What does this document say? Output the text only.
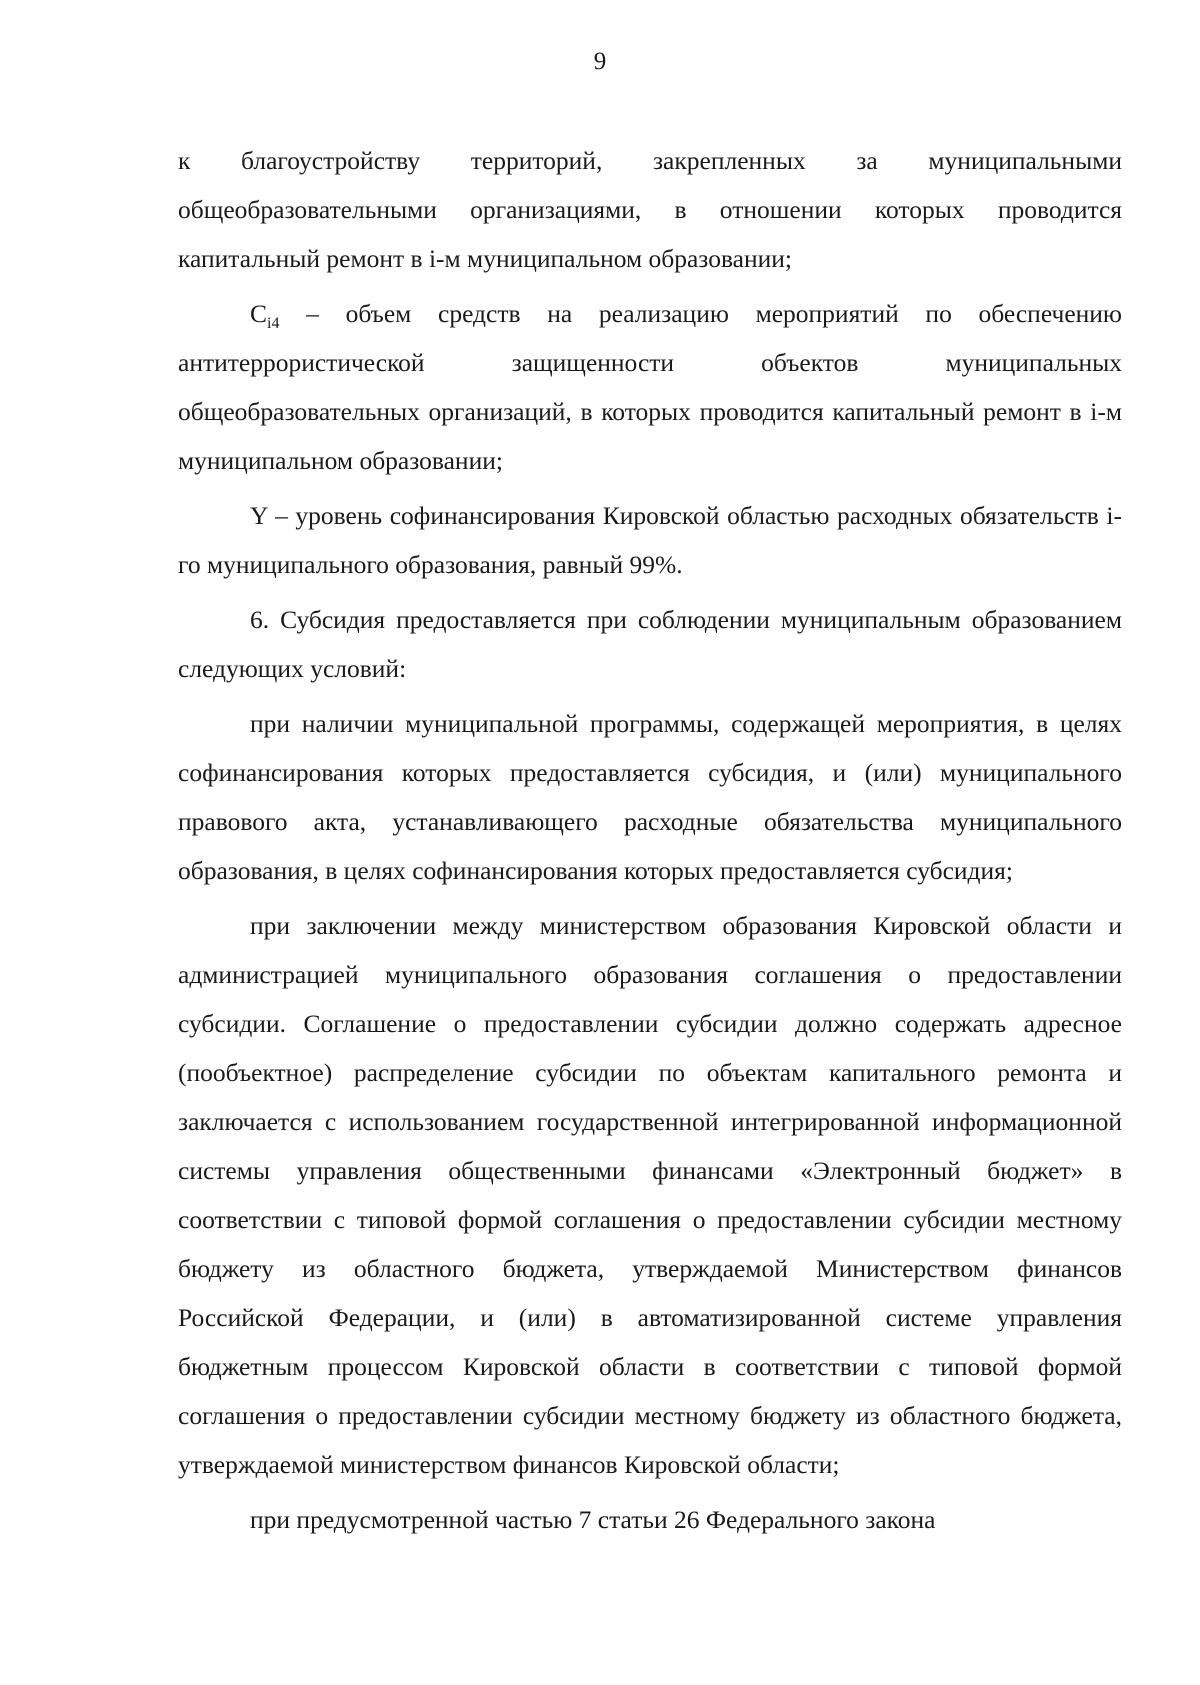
9

к благоустройству территорий, закрепленных за муниципальными общеобразовательными организациями, в отношении которых проводится капитальный ремонт в i-м муниципальном образовании;

$C_{i4}$ – объем средств на реализацию мероприятий по обеспечению антитеррористической защищенности объектов муниципальных общеобразовательных организаций, в которых проводится капитальный ремонт в i-м муниципальном образовании;

Y – уровень софинансирования Кировской областью расходных обязательств i-го муниципального образования, равный 99%.

6. Субсидия предоставляется при соблюдении муниципальным образованием следующих условий:

при наличии муниципальной программы, содержащей мероприятия, в целях софинансирования которых предоставляется субсидия, и (или) муниципального правового акта, устанавливающего расходные обязательства муниципального образования, в целях софинансирования которых предоставляется субсидия;

при заключении между министерством образования Кировской области и администрацией муниципального образования соглашения о предоставлении субсидии. Соглашение о предоставлении субсидии должно содержать адресное (пообъектное) распределение субсидии по объектам капитального ремонта и заключается с использованием государственной интегрированной информационной системы управления общественными финансами «Электронный бюджет» в соответствии с типовой формой соглашения о предоставлении субсидии местному бюджету из областного бюджета, утверждаемой Министерством финансов Российской Федерации, и (или) в автоматизированной системе управления бюджетным процессом Кировской области в соответствии с типовой формой соглашения о предоставлении субсидии местному бюджету из областного бюджета, утверждаемой министерством финансов Кировской области;

при предусмотренной частью 7 статьи 26 Федерального закона
